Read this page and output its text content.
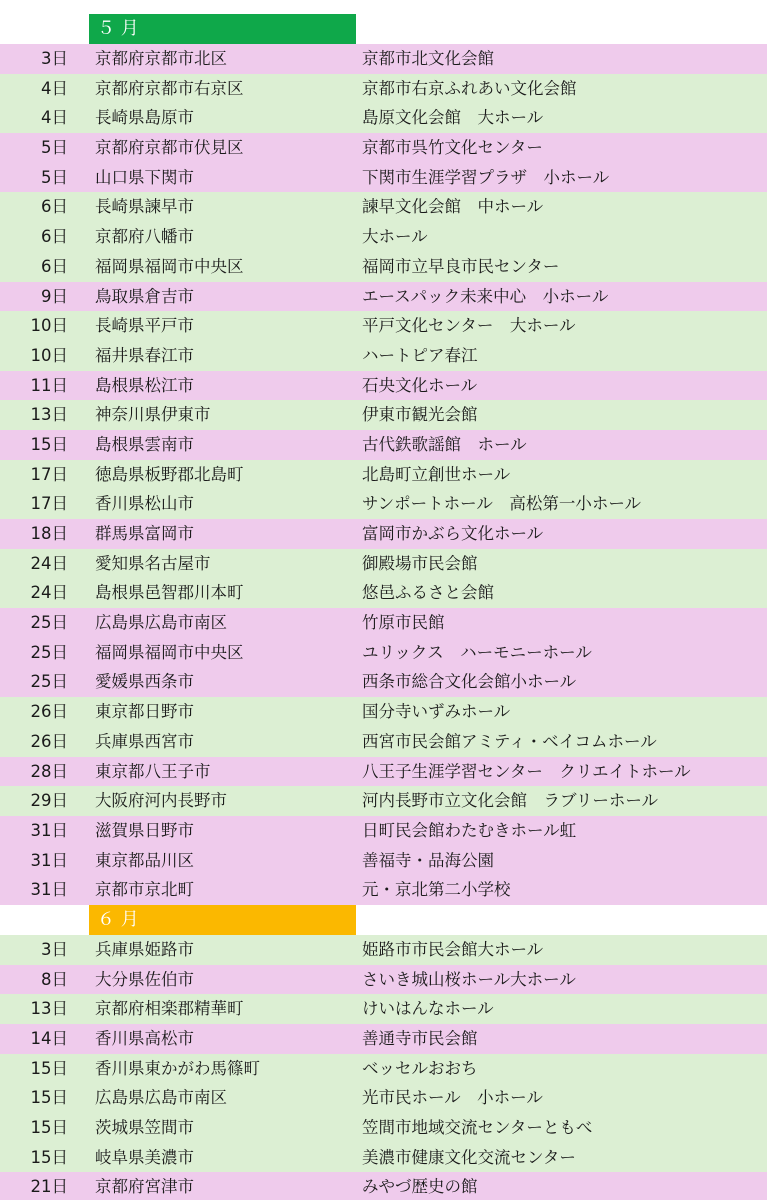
５ 月
3日 京都府京都市北区	京都市北文化会館
4日 京都府京都市右京区	京都市右京ふれあい文化会館
4日 長崎県島原市	島原文化会館　大ホール
5日 京都府京都市伏見区	京都市呉竹文化センター
5日 山口県下関市	下関市生涯学習プラザ　小ホール
6日 長崎県諫早市	諫早文化会館　中ホール
6日 京都府八幡市	大ホール
6日 福岡県福岡市中央区	福岡市立早良市民センター
9日 鳥取県倉吉市	エースパック未来中心　小ホール
10日 長崎県平戸市	平戸文化センター　大ホール
10日 福井県春江市	ハートピア春江
11日 島根県松江市	石央文化ホール
13日 神奈川県伊東市	伊東市観光会館
15日 島根県雲南市	古代鉄歌謡館　ホール
17日 徳島県板野郡北島町	北島町立創世ホール
17日 香川県松山市	サンポートホール　高松第一小ホール
18日 群馬県富岡市	富岡市かぶら文化ホール
24日 愛知県名古屋市	御殿場市民会館
24日 島根県邑智郡川本町	悠邑ふるさと会館
25日 広島県広島市南区	竹原市民館
25日 福岡県福岡市中央区	ユリックス　ハーモニーホール
25日 愛媛県西条市	西条市総合文化会館小ホール
26日 東京都日野市	国分寺いずみホール
26日 兵庫県西宮市	西宮市民会館アミティ・ベイコムホール
28日 東京都八王子市	八王子生涯学習センター　クリエイトホール
29日 大阪府河内長野市	河内長野市立文化会館　ラブリーホール
31日 滋賀県日野市	日町民会館わたむきホール虹
31日 東京都品川区	善福寺・品海公園
31日 京都市京北町	元・京北第二小学校
６ 月
3日 兵庫県姫路市	姫路市市民会館大ホール
8日 大分県佐伯市	さいき城山桜ホール大ホール
13日 京都府相楽郡精華町	けいはんなホール
14日 香川県高松市	善通寺市民会館
15日 香川県東かがわ馬篠町	ベッセルおおち
15日 広島県広島市南区	光市民ホール　小ホール
15日 茨城県笠間市	笠間市地域交流センターともべ
15日 岐阜県美濃市	美濃市健康文化交流センター
21日 京都府宮津市	みやづ歴史の館
